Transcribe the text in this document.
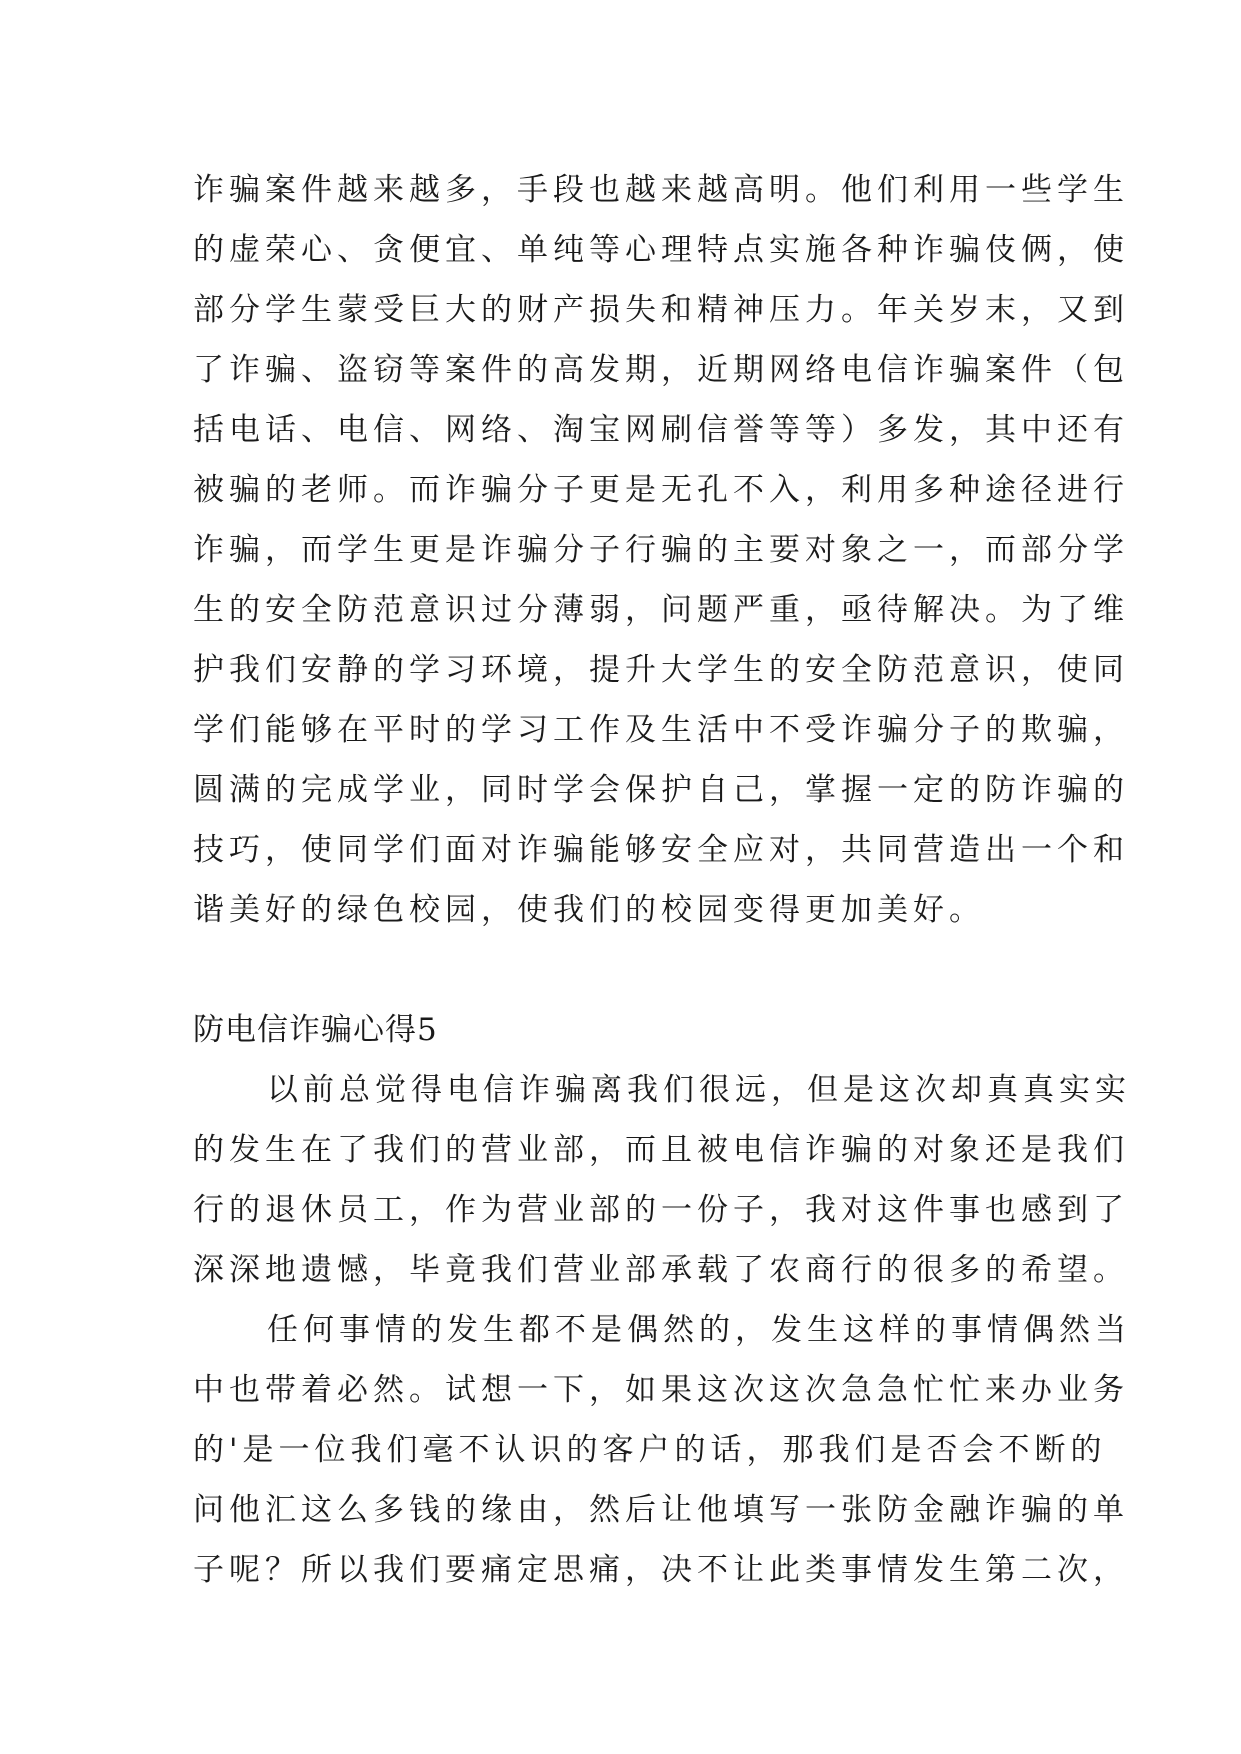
诈骗案件越来越多，手段也越来越高明。他们利用一些学生
的虚荣心、贪便宜、单纯等心理特点实施各种诈骗伎俩，使
部分学生蒙受巨大的财产损失和精神压力。年关岁末，又到
了诈骗、盗窃等案件的高发期，近期网络电信诈骗案件（包
括电话、电信、网络、淘宝网刷信誉等等）多发，其中还有
被骗的老师。而诈骗分子更是无孔不入，利用多种途径进行
诈骗，而学生更是诈骗分子行骗的主要对象之一，而部分学
生的安全防范意识过分薄弱，问题严重，亟待解决。为了维
护我们安静的学习环境，提升大学生的安全防范意识，使同
学们能够在平时的学习工作及生活中不受诈骗分子的欺骗，
圆满的完成学业，同时学会保护自己，掌握一定的防诈骗的
技巧，使同学们面对诈骗能够安全应对，共同营造出一个和
谐美好的绿色校园，使我们的校园变得更加美好。
防电信诈骗心得5
以前总觉得电信诈骗离我们很远，但是这次却真真实实
的发生在了我们的营业部，而且被电信诈骗的对象还是我们
行的退休员工，作为营业部的一份子，我对这件事也感到了
深深地遗憾，毕竟我们营业部承载了农商行的很多的希望。
任何事情的发生都不是偶然的，发生这样的事情偶然当
中也带着必然。试想一下，如果这次这次急急忙忙来办业务
的'是一位我们毫不认识的客户的话，那我们是否会不断的
问他汇这么多钱的缘由，然后让他填写一张防金融诈骗的单
子呢？所以我们要痛定思痛，决不让此类事情发生第二次，
